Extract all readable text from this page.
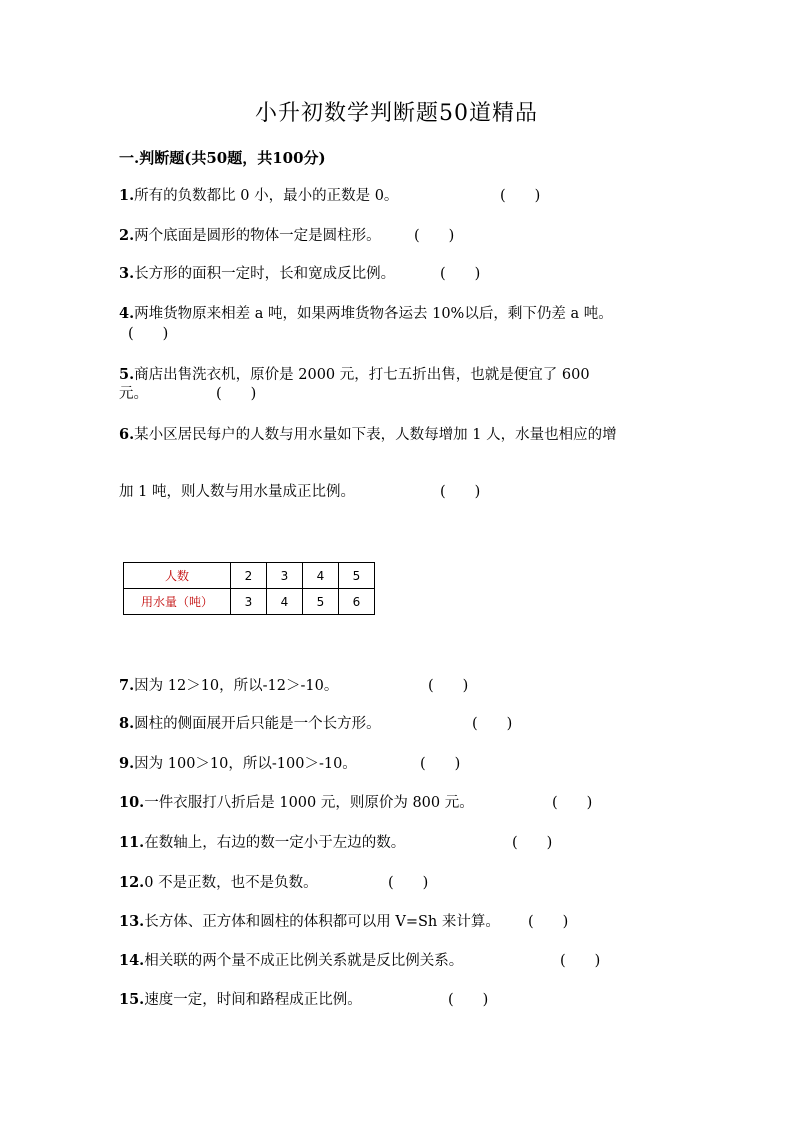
小升初数学判断题50道精品
一.判断题(共50题，共100分)
1.所有的负数都比 0 小，最小的正数是 0。	(　　)
2.两个底面是圆形的物体一定是圆柱形。 (　　)
3.长方形的面积一定时，长和宽成反比例。	(　　)
4.两堆货物原来相差 a 吨，如果两堆货物各运去 10%以后，剩下仍差 a 吨。
(　　)
5.商店出售洗衣机，原价是 2000 元，打七五折出售，也就是便宜了 600
元。	(　　)
6.某小区居民每户的人数与用水量如下表，人数每增加 1 人，水量也相应的增
加 1 吨，则人数与用水量成正比例。	(　　)
人数	2	3	4	5
用水量（吨）	3	4	5	6
7.因为 12＞10，所以-12＞-10。	(　　)
8.圆柱的侧面展开后只能是一个长方形。	(　　)
9.因为 100＞10，所以-100＞-10。	(　　)
10.一件衣服打八折后是 1000 元，则原价为 800 元。	(　　)
11.在数轴上，右边的数一定小于左边的数。	(　　)
12.0 不是正数，也不是负数。	(　　)
13.长方体、正方体和圆柱的体积都可以用 V=Sh 来计算。 (　　)
14.相关联的两个量不成正比例关系就是反比例关系。	(　　)
15.速度一定，时间和路程成正比例。	(　　)
